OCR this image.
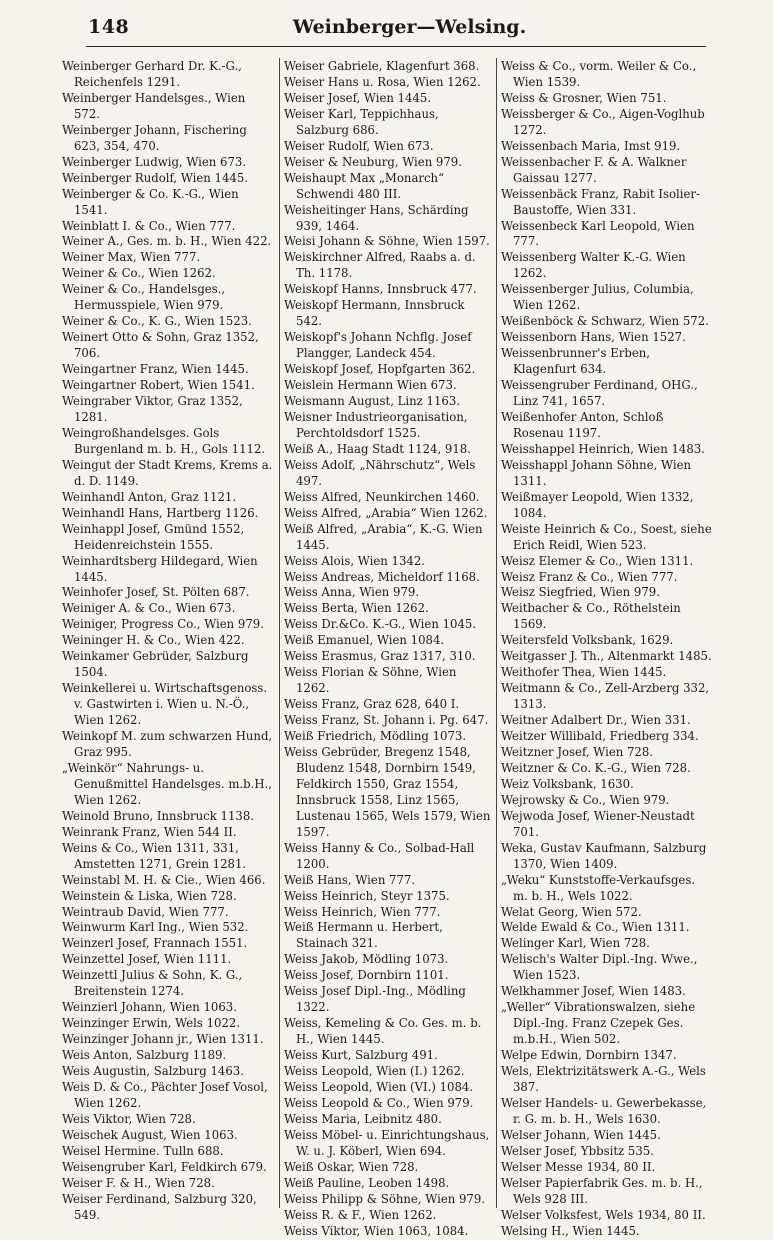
148	Weinberger—Welsing.

Weinberger Gerhard Dr. K.-G., Reichenfels 1291.

Weinberger Handelsges., Wien 572.

Weinberger Johann, Fischering 623, 354, 470.

Weinberger Ludwig, Wien 673.

Weinberger Rudolf, Wien 1445.

Weinberger & Co. K.-G., Wien 1541.

Weinblatt I. & Co., Wien 777.

Weiner A., Ges. m. b. H., Wien 422.

Weiner Max, Wien 777.

Weiner & Co., Wien 1262.

Weiner & Co., Handelsges., Hermusspiele, Wien 979.

Weiner & Co., K. G., Wien 1523.

Weinert Otto & Sohn, Graz 1352, 706.

Weingartner Franz, Wien 1445.

Weingartner Robert, Wien 1541.

Weingraber Viktor, Graz 1352, 1281.

Weingroßhandelsges. Gols Burgenland m. b. H., Gols 1112.

Weingut der Stadt Krems, Krems a. d. D. 1149.

Weinhandl Anton, Graz 1121.

Weinhandl Hans, Hartberg 1126.

Weinhappl Josef, Gmünd 1552, Heidenreichstein 1555.

Weinhardtsberg Hildegard, Wien 1445.

Weinhofer Josef, St. Pölten 687.

Weiniger A. & Co., Wien 673.

Weiniger, Progress Co., Wien 979.

Weininger H. & Co., Wien 422.

Weinkamer Gebrüder, Salzburg 1504.

Weinkellerei u. Wirtschaftsgenoss. v. Gastwirten i. Wien u. N.-Ö., Wien 1262.

Weinkopf M. zum schwarzen Hund, Graz 995.

„Weinkör“ Nahrungs- u. Genußmittel Handelsges. m.b.H., Wien 1262.

Weinold Bruno, Innsbruck 1138.

Weinrank Franz, Wien 544 II.

Weins & Co., Wien 1311, 331, Amstetten 1271, Grein 1281.

Weinstabl M. H. & Cie., Wien 466.

Weinstein & Liska, Wien 728.

Weintraub David, Wien 777.

Weinwurm Karl Ing., Wien 532.

Weinzerl Josef, Frannach 1551.

Weinzettel Josef, Wien 1111.

Weinzettl Julius & Sohn, K. G., Breitenstein 1274.

Weinzierl Johann, Wien 1063.

Weinzinger Erwin, Wels 1022.

Weinzinger Johann jr., Wien 1311.

Weis Anton, Salzburg 1189.

Weis Augustin, Salzburg 1463.

Weis D. & Co., Pächter Josef Vosol, Wien 1262.

Weis Viktor, Wien 728.

Weischek August, Wien 1063.

Weisel Hermine. Tulln 688.

Weisengruber Karl, Feldkirch 679.

Weiser F. & H., Wien 728.

Weiser Ferdinand, Salzburg 320, 549.

Weiser Gabriele, Klagenfurt 368.

Weiser Hans u. Rosa, Wien 1262.

Weiser Josef, Wien 1445.

Weiser Karl, Teppichhaus, Salzburg 686.

Weiser Rudolf, Wien 673.

Weiser & Neuburg, Wien 979.

Weishaupt Max „Monarch“ Schwendi 480 III.

Weisheitinger Hans, Schärding 939, 1464.

Weisi Johann & Söhne, Wien 1597.

Weiskirchner Alfred, Raabs a. d. Th. 1178.

Weiskopf Hanns, Innsbruck 477.

Weiskopf Hermann, Innsbruck 542.

Weiskopf's Johann Nchflg. Josef Plangger, Landeck 454.

Weiskopf Josef, Hopfgarten 362.

Weislein Hermann Wien 673.

Weismann August, Linz 1163.

Weisner Industrieorganisation, Perchtoldsdorf 1525.

Weiß A., Haag Stadt 1124, 918.

Weiss Adolf, „Nährschutz“, Wels 497.

Weiss Alfred, Neunkirchen 1460.

Weiss Alfred, „Arabia“ Wien 1262.

Weiß Alfred, „Arabia“, K.-G. Wien 1445.

Weiss Alois, Wien 1342.

Weiss Andreas, Micheldorf 1168.

Weiss Anna, Wien 979.

Weiss Berta, Wien 1262.

Weiss Dr.&Co. K.-G., Wien 1045.

Weiß Emanuel, Wien 1084.

Weiss Erasmus, Graz 1317, 310.

Weiss Florian & Söhne, Wien 1262.

Weiss Franz, Graz 628, 640 I.

Weiss Franz, St. Johann i. Pg. 647.

Weiß Friedrich, Mödling 1073.

Weiss Gebrüder, Bregenz 1548, Bludenz 1548, Dornbirn 1549, Feldkirch 1550, Graz 1554, Innsbruck 1558, Linz 1565, Lustenau 1565, Wels 1579, Wien 1597.

Weiss Hanny & Co., Solbad-Hall 1200.

Weiß Hans, Wien 777.

Weiss Heinrich, Steyr 1375.

Weiss Heinrich, Wien 777.

Weiß Hermann u. Herbert, Stainach 321.

Weiss Jakob, Mödling 1073.

Weiss Josef, Dornbirn 1101.

Weiss Josef Dipl.-Ing., Mödling 1322.

Weiss, Kemeling & Co. Ges. m. b. H., Wien 1445.

Weiss Kurt, Salzburg 491.

Weiss Leopold, Wien (I.) 1262.

Weiss Leopold, Wien (VI.) 1084.

Weiss Leopold & Co., Wien 979.

Weiss Maria, Leibnitz 480.

Weiss Möbel- u. Einrichtungshaus, W. u. J. Köberl, Wien 694.

Weiß Oskar, Wien 728.

Weiß Pauline, Leoben 1498.

Weiss Philipp & Söhne, Wien 979.

Weiss R. & F., Wien 1262.

Weiss Viktor, Wien 1063, 1084.

Weiss & Co., vorm. Weiler & Co., Wien 1539.

Weiss & Grosner, Wien 751.

Weissberger & Co., Aigen-Voglhub 1272.

Weissenbach Maria, Imst 919.

Weissenbacher F. & A. Walkner Gaissau 1277.

Weissenbäck Franz, Rabit Isolier-Baustoffe, Wien 331.

Weissenbeck Karl Leopold, Wien 777.

Weissenberg Walter K.-G. Wien 1262.

Weissenberger Julius, Columbia, Wien 1262.

Weißenböck & Schwarz, Wien 572.

Weissenborn Hans, Wien 1527.

Weissenbrunner's Erben, Klagenfurt 634.

Weissengruber Ferdinand, OHG., Linz 741, 1657.

Weißenhofer Anton, Schloß Rosenau 1197.

Weisshappel Heinrich, Wien 1483.

Weisshappl Johann Söhne, Wien 1311.

Weißmayer Leopold, Wien 1332, 1084.

Weiste Heinrich & Co., Soest, siehe Erich Reidl, Wien 523.

Weisz Elemer & Co., Wien 1311.

Weisz Franz & Co., Wien 777.

Weisz Siegfried, Wien 979.

Weitbacher & Co., Röthelstein 1569.

Weitersfeld Volksbank, 1629.

Weitgasser J. Th., Altenmarkt 1485.

Weithofer Thea, Wien 1445.

Weitmann & Co., Zell-Arzberg 332, 1313.

Weitner Adalbert Dr., Wien 331.

Weitzer Willibald, Friedberg 334.

Weitzner Josef, Wien 728.

Weitzner & Co. K.-G., Wien 728.

Weiz Volksbank, 1630.

Wejrowsky & Co., Wien 979.

Wejwoda Josef, Wiener-Neustadt 701.

Weka, Gustav Kaufmann, Salzburg 1370, Wien 1409.

„Weku“ Kunststoffe-Verkaufsges. m. b. H., Wels 1022.

Welat Georg, Wien 572.

Welde Ewald & Co., Wien 1311.

Welinger Karl, Wien 728.

Welisch's Walter Dipl.-Ing. Wwe., Wien 1523.

Welkhammer Josef, Wien 1483.

„Weller“ Vibrationswalzen, siehe Dipl.-Ing. Franz Czepek Ges. m.b.H., Wien 502.

Welpe Edwin, Dornbirn 1347.

Wels, Elektrizitätswerk A.-G., Wels 387.

Welser Handels- u. Gewerbekasse, r. G. m. b. H., Wels 1630.

Welser Johann, Wien 1445.

Welser Josef, Ybbsitz 535.

Welser Messe 1934, 80 II.

Welser Papierfabrik Ges. m. b. H., Wels 928 III.

Welser Volksfest, Wels 1934, 80 II.

Welsing H., Wien 1445.
